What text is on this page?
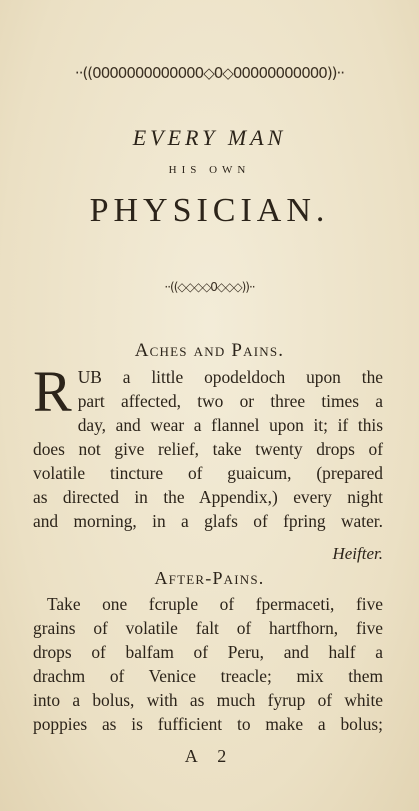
··((0000000000000◇0◇00000000000))··
EVERY MAN
HIS OWN
PHYSICIAN.
··((◇◇◇◇0◇◇◇))··
Aches and Pains.
R UB a little opodeldoch upon the
part affected, two or three times a
day, and wear a flannel upon it; if this
does not give relief, take twenty drops of
volatile tincture of guaicum, (prepared
as directed in the Appendix,) every night
and morning, in a glafs of fpring water.
Heifter.
After-Pains.
Take one fcruple of fpermaceti, five
grains of volatile falt of hartfhorn, five
drops of balfam of Peru, and half a
drachm of Venice treacle; mix them
into a bolus, with as much fyrup of white
poppies as is fufficient to make a bolus;
A 2
